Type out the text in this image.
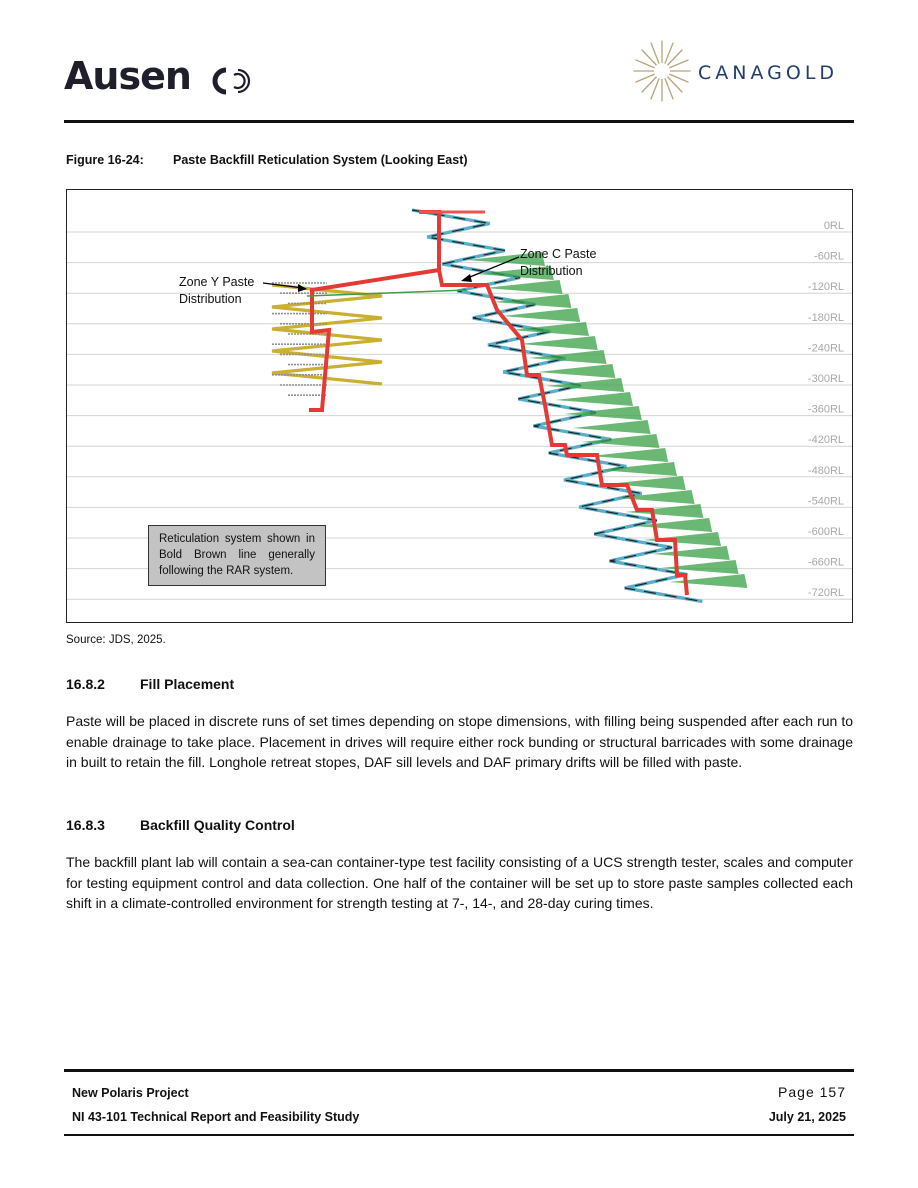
Ausen	CANAGOLD
Figure 16-24: Paste Backfill Reticulation System (Looking East)
0RL
-60RL
-120RL
-180RL
-240RL
-300RL
-360RL
-420RL
-480RL
-540RL
-600RL
-660RL
-720RL
Zone Y Paste
Distribution
Zone C Paste
Distribution
Reticulation system shown in Bold Brown line generally following the RAR system.
Source: JDS, 2025.
16.8.2	Fill Placement

Paste will be placed in discrete runs of set times depending on stope dimensions, with filling being suspended after each run to enable drainage to take place. Placement in drives will require either rock bunding or structural barricades with some drainage in built to retain the fill. Longhole retreat stopes, DAF sill levels and DAF primary drifts will be filled with paste.

16.8.3	Backfill Quality Control

The backfill plant lab will contain a sea-can container-type test facility consisting of a UCS strength tester, scales and computer for testing equipment control and data collection. One half of the container will be set up to store paste samples collected each shift in a climate-controlled environment for strength testing at 7-, 14-, and 28-day curing times.

New Polaris Project
NI 43-101 Technical Report and Feasibility Study
Page 157
July 21, 2025
